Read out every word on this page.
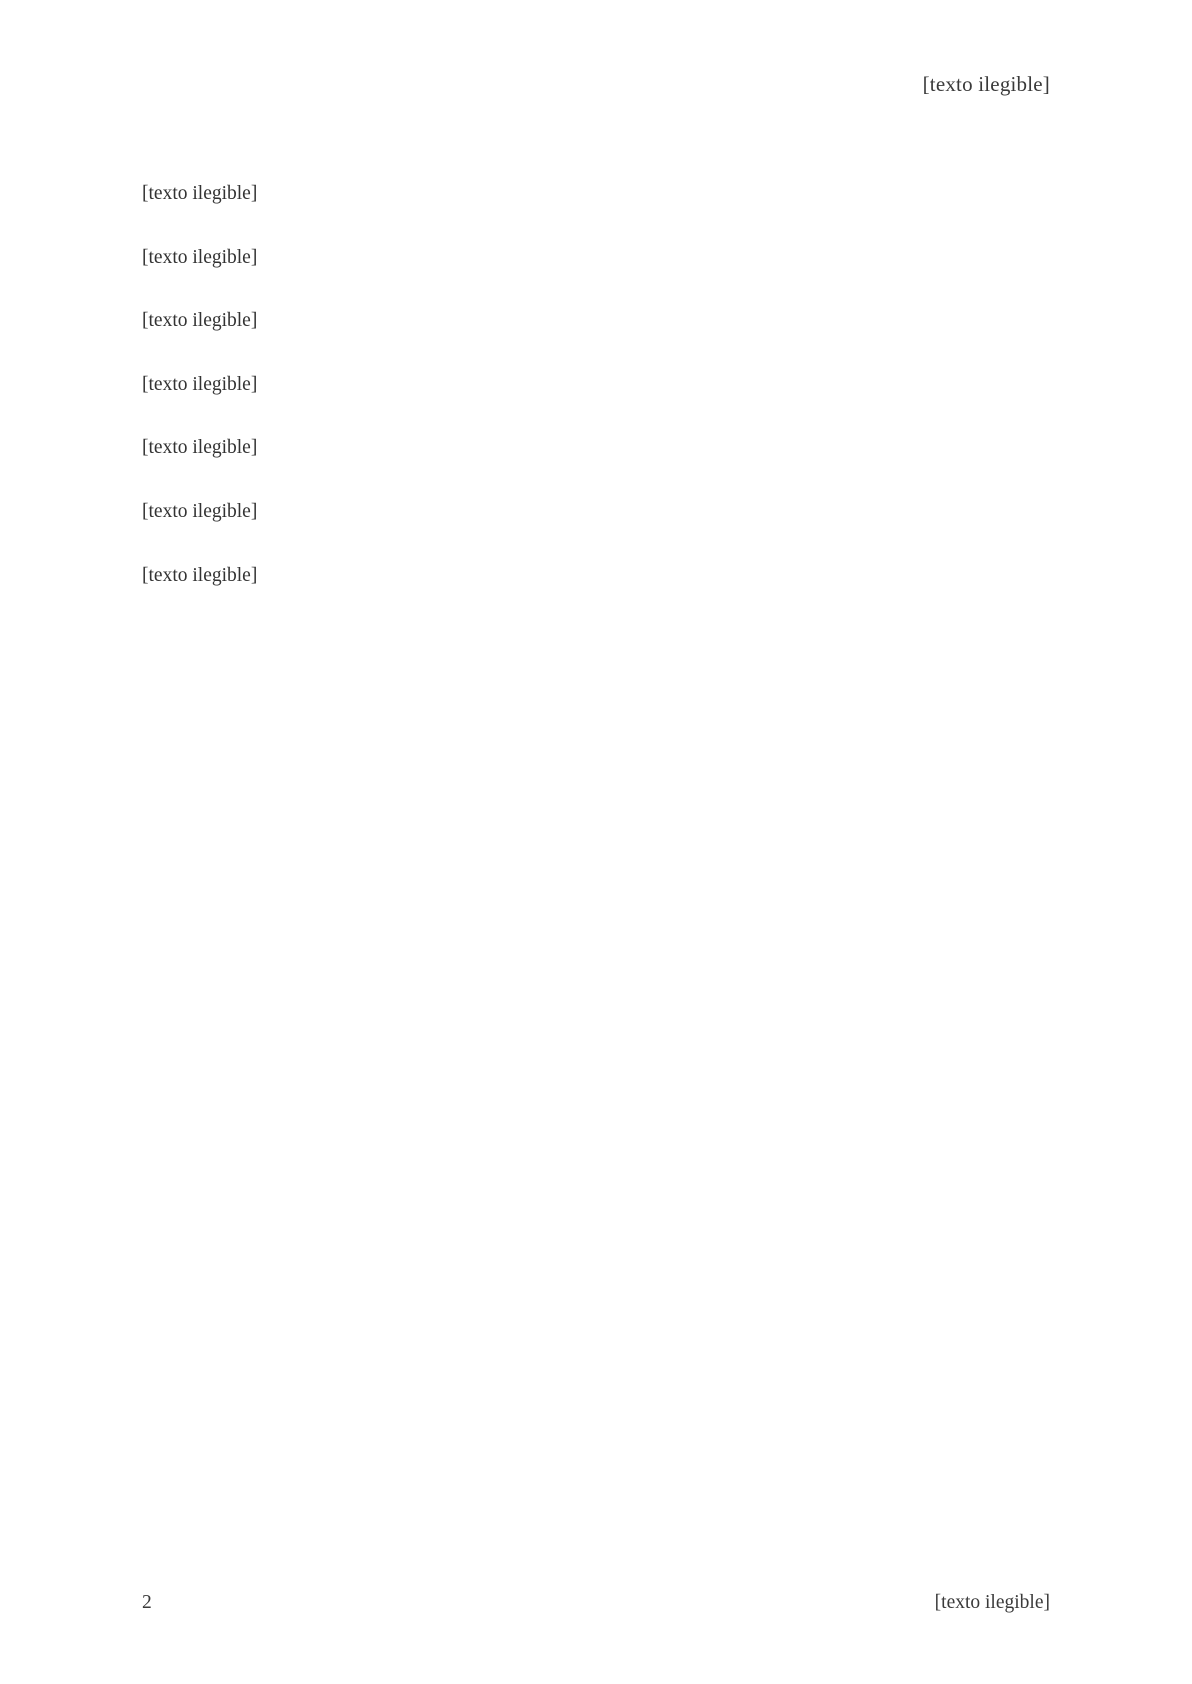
[texto ilegible]

[texto ilegible]

[texto ilegible]

[texto ilegible]

[texto ilegible]

[texto ilegible]

[texto ilegible]

[texto ilegible]

2	[texto ilegible]
